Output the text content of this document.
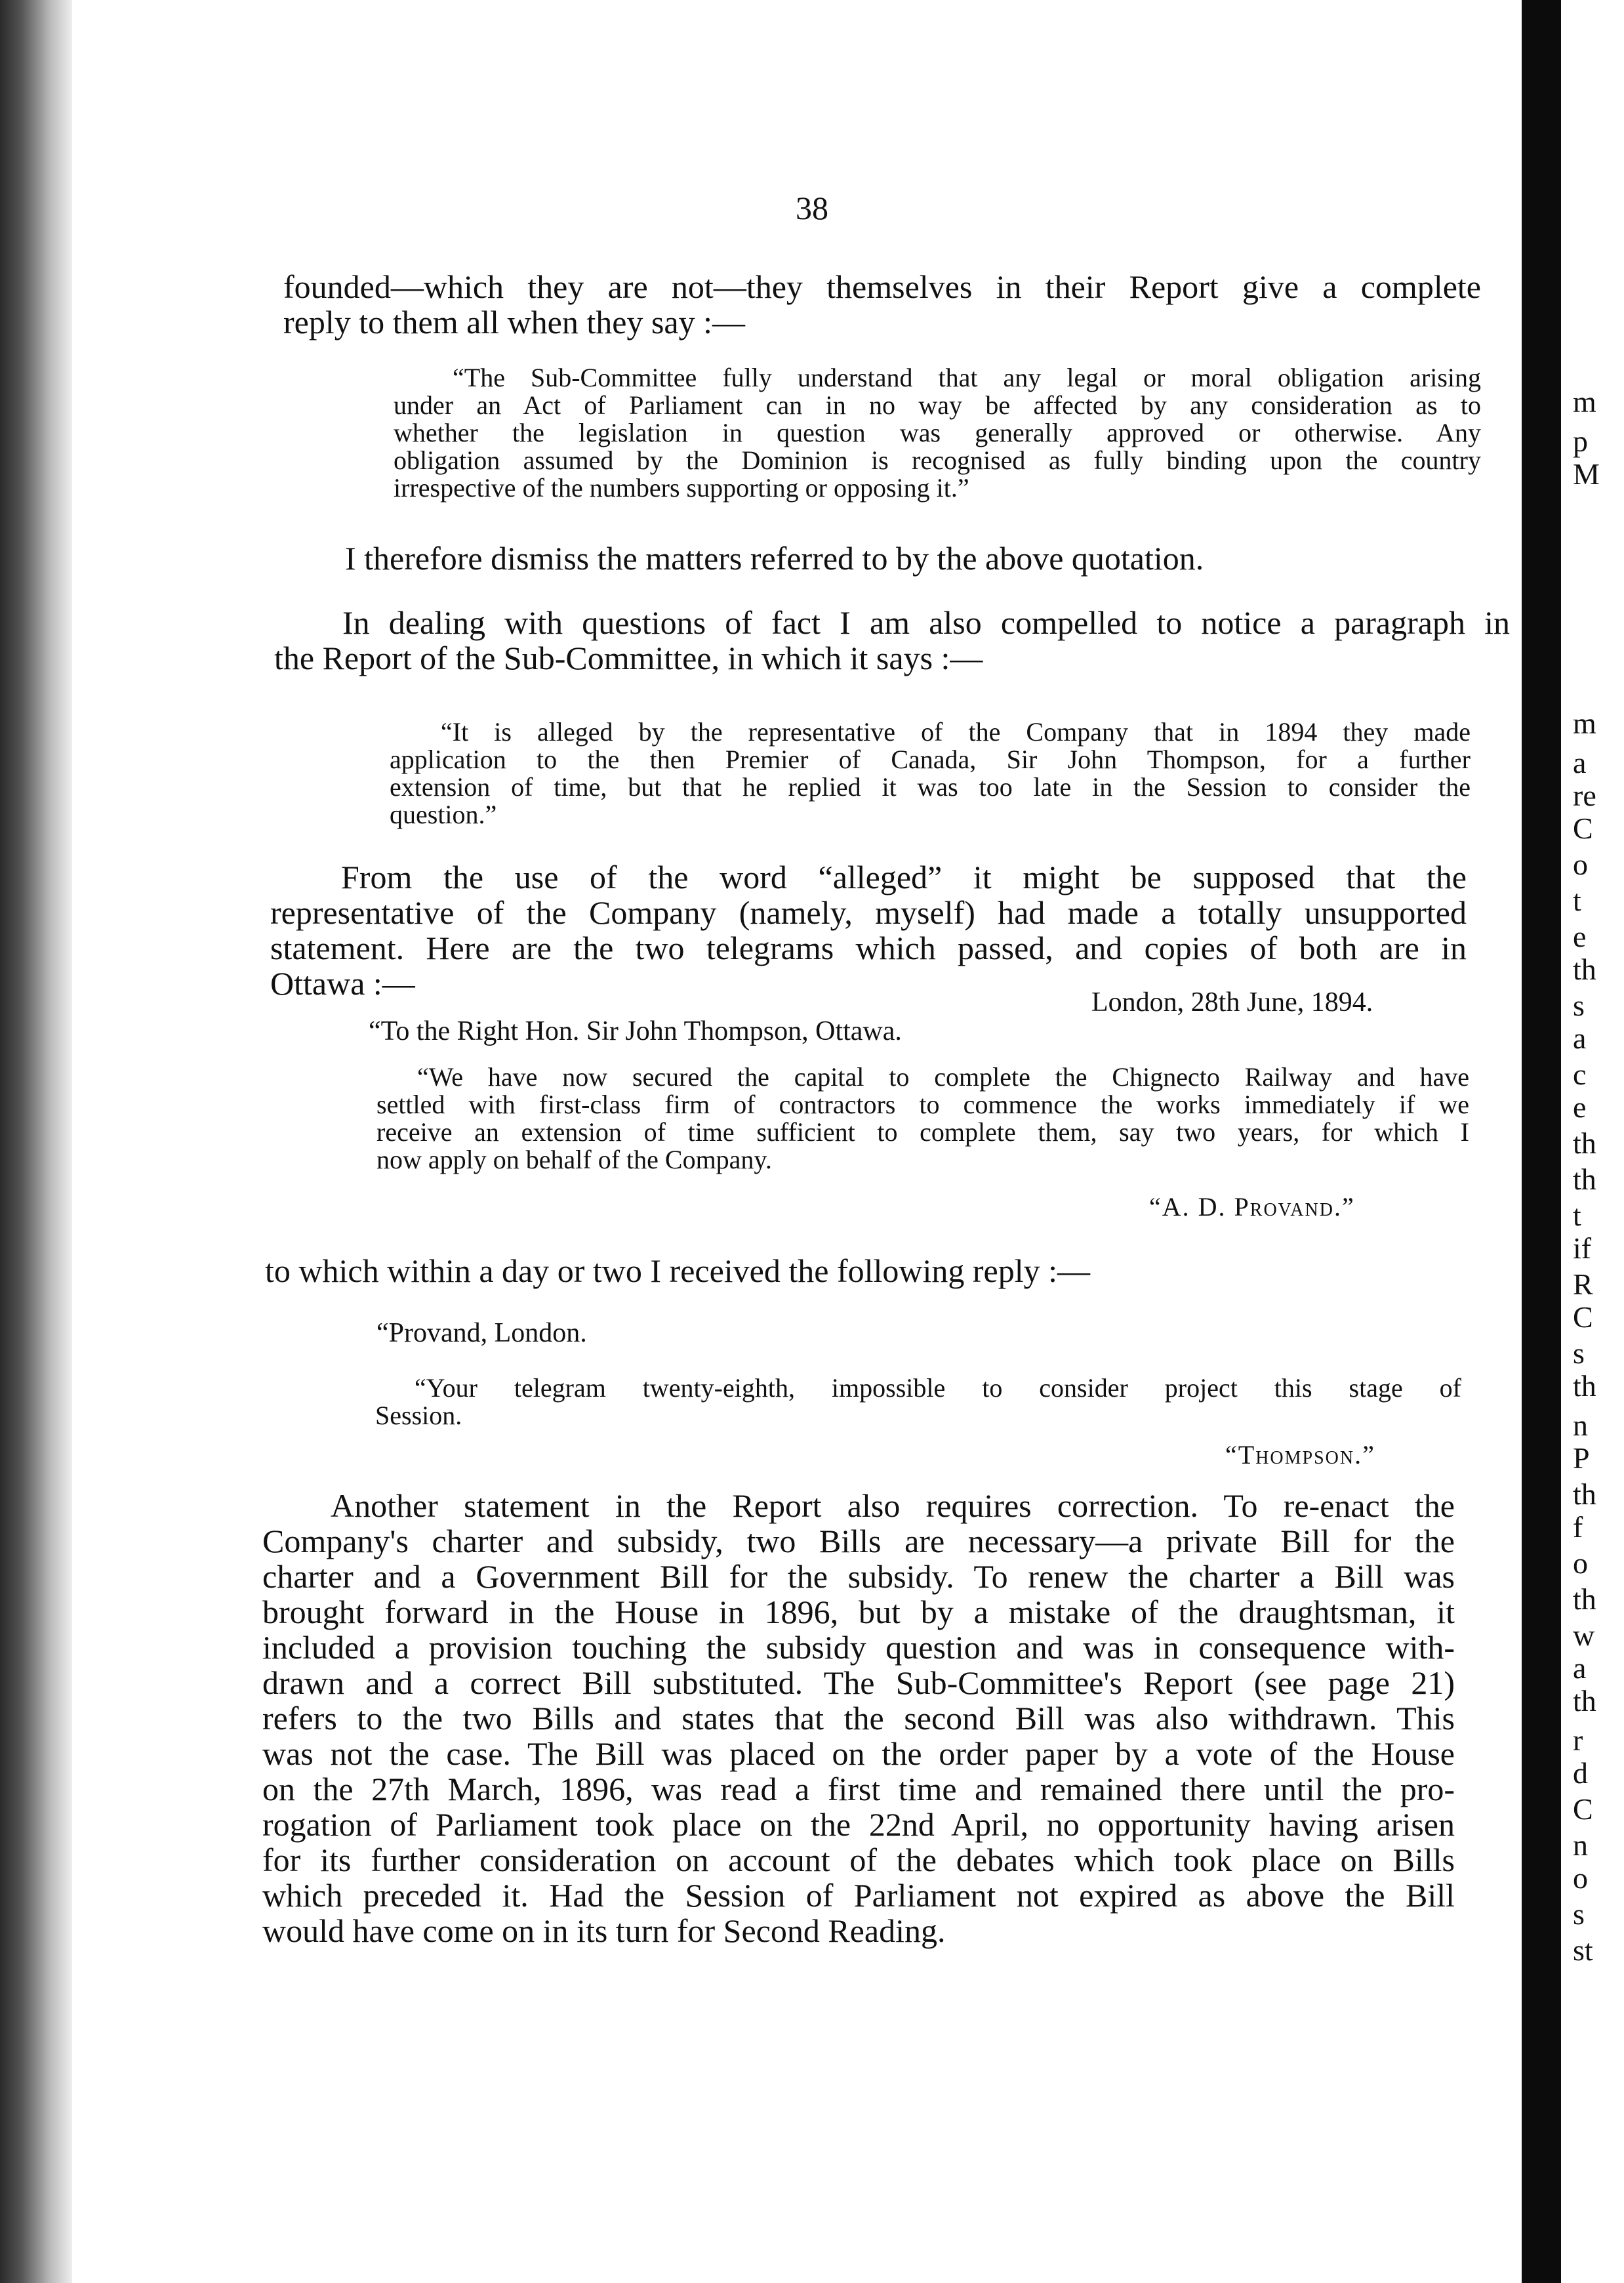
m
p
M
m
a
re
C
o
t
e
th
s
a
c
e
th
th
t
if
R
C
s
th
n
P
th
f
o
th
w
a
th
r
d
C
n
o
s
st
38
founded—which they are not—they themselves in their Report give a complete
reply to them all when they say :—
“The Sub-Committee fully understand that any legal or moral obligation arising
under an Act of Parliament can in no way be affected by any consideration as to
whether the legislation in question was generally approved or otherwise. Any
obligation assumed by the Dominion is recognised as fully binding upon the country
irrespective of the numbers supporting or opposing it.”
I therefore dismiss the matters referred to by the above quotation.
In dealing with questions of fact I am also compelled to notice a paragraph in
the Report of the Sub-Committee, in which it says :—
“It is alleged by the representative of the Company that in 1894 they made
application to the then Premier of Canada, Sir John Thompson, for a further
extension of time, but that he replied it was too late in the Session to consider the
question.”
From the use of the word “alleged” it might be supposed that the
representative of the Company (namely, myself) had made a totally unsupported
statement. Here are the two telegrams which passed, and copies of both are in
Ottawa :—
London, 28th June, 1894.
“To the Right Hon. Sir John Thompson, Ottawa.
“We have now secured the capital to complete the Chignecto Railway and have
settled with first-class firm of contractors to commence the works immediately if we
receive an extension of time sufficient to complete them, say two years, for which I
now apply on behalf of the Company.
“A. D. Provand.”
to which within a day or two I received the following reply :—
“Provand, London.
“Your telegram twenty-eighth, impossible to consider project this stage of
Session.
“Thompson.”
Another statement in the Report also requires correction. To re-enact the
Company's charter and subsidy, two Bills are necessary—a private Bill for the
charter and a Government Bill for the subsidy. To renew the charter a Bill was
brought forward in the House in 1896, but by a mistake of the draughtsman, it
included a provision touching the subsidy question and was in consequence with-
drawn and a correct Bill substituted. The Sub-Committee's Report (see page 21)
refers to the two Bills and states that the second Bill was also withdrawn. This
was not the case. The Bill was placed on the order paper by a vote of the House
on the 27th March, 1896, was read a first time and remained there until the pro-
rogation of Parliament took place on the 22nd April, no opportunity having arisen
for its further consideration on account of the debates which took place on Bills
which preceded it. Had the Session of Parliament not expired as above the Bill
would have come on in its turn for Second Reading.
